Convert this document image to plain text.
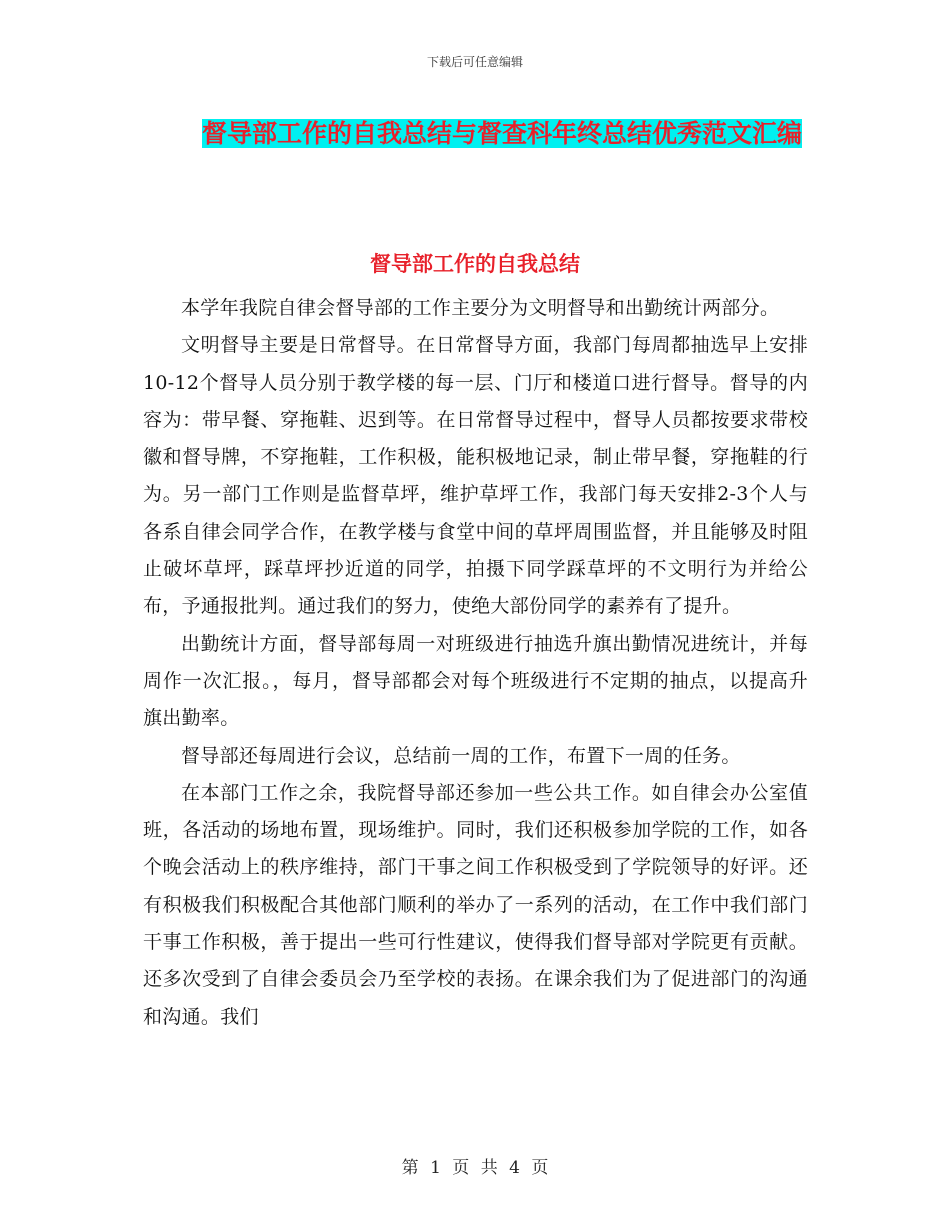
下载后可任意编辑
督导部工作的自我总结与督查科年终总结优秀范文汇编
督导部工作的自我总结

本学年我院自律会督导部的工作主要分为文明督导和出勤统计两部分。

文明督导主要是日常督导。在日常督导方面，我部门每周都抽选早上安排10-12个督导人员分别于教学楼的每一层、门厅和楼道口进行督导。督导的内容为：带早餐、穿拖鞋、迟到等。在日常督导过程中，督导人员都按要求带校徽和督导牌，不穿拖鞋，工作积极，能积极地记录，制止带早餐，穿拖鞋的行为。另一部门工作则是监督草坪，维护草坪工作，我部门每天安排2-3个人与各系自律会同学合作，在教学楼与食堂中间的草坪周围监督，并且能够及时阻止破坏草坪，踩草坪抄近道的同学，拍摄下同学踩草坪的不文明行为并给公布，予通报批判。通过我们的努力，使绝大部份同学的素养有了提升。

出勤统计方面，督导部每周一对班级进行抽选升旗出勤情况进统计，并每周作一次汇报。，每月，督导部都会对每个班级进行不定期的抽点，以提高升旗出勤率。

督导部还每周进行会议，总结前一周的工作，布置下一周的任务。

在本部门工作之余，我院督导部还参加一些公共工作。如自律会办公室值班，各活动的场地布置，现场维护。同时，我们还积极参加学院的工作，如各个晚会活动上的秩序维持，部门干事之间工作积极受到了学院领导的好评。还有积极我们积极配合其他部门顺利的举办了一系列的活动，在工作中我们部门干事工作积极，善于提出一些可行性建议，使得我们督导部对学院更有贡献。还多次受到了自律会委员会乃至学校的表扬。在课余我们为了促进部门的沟通和沟通。我们

第 1 页 共 4 页
